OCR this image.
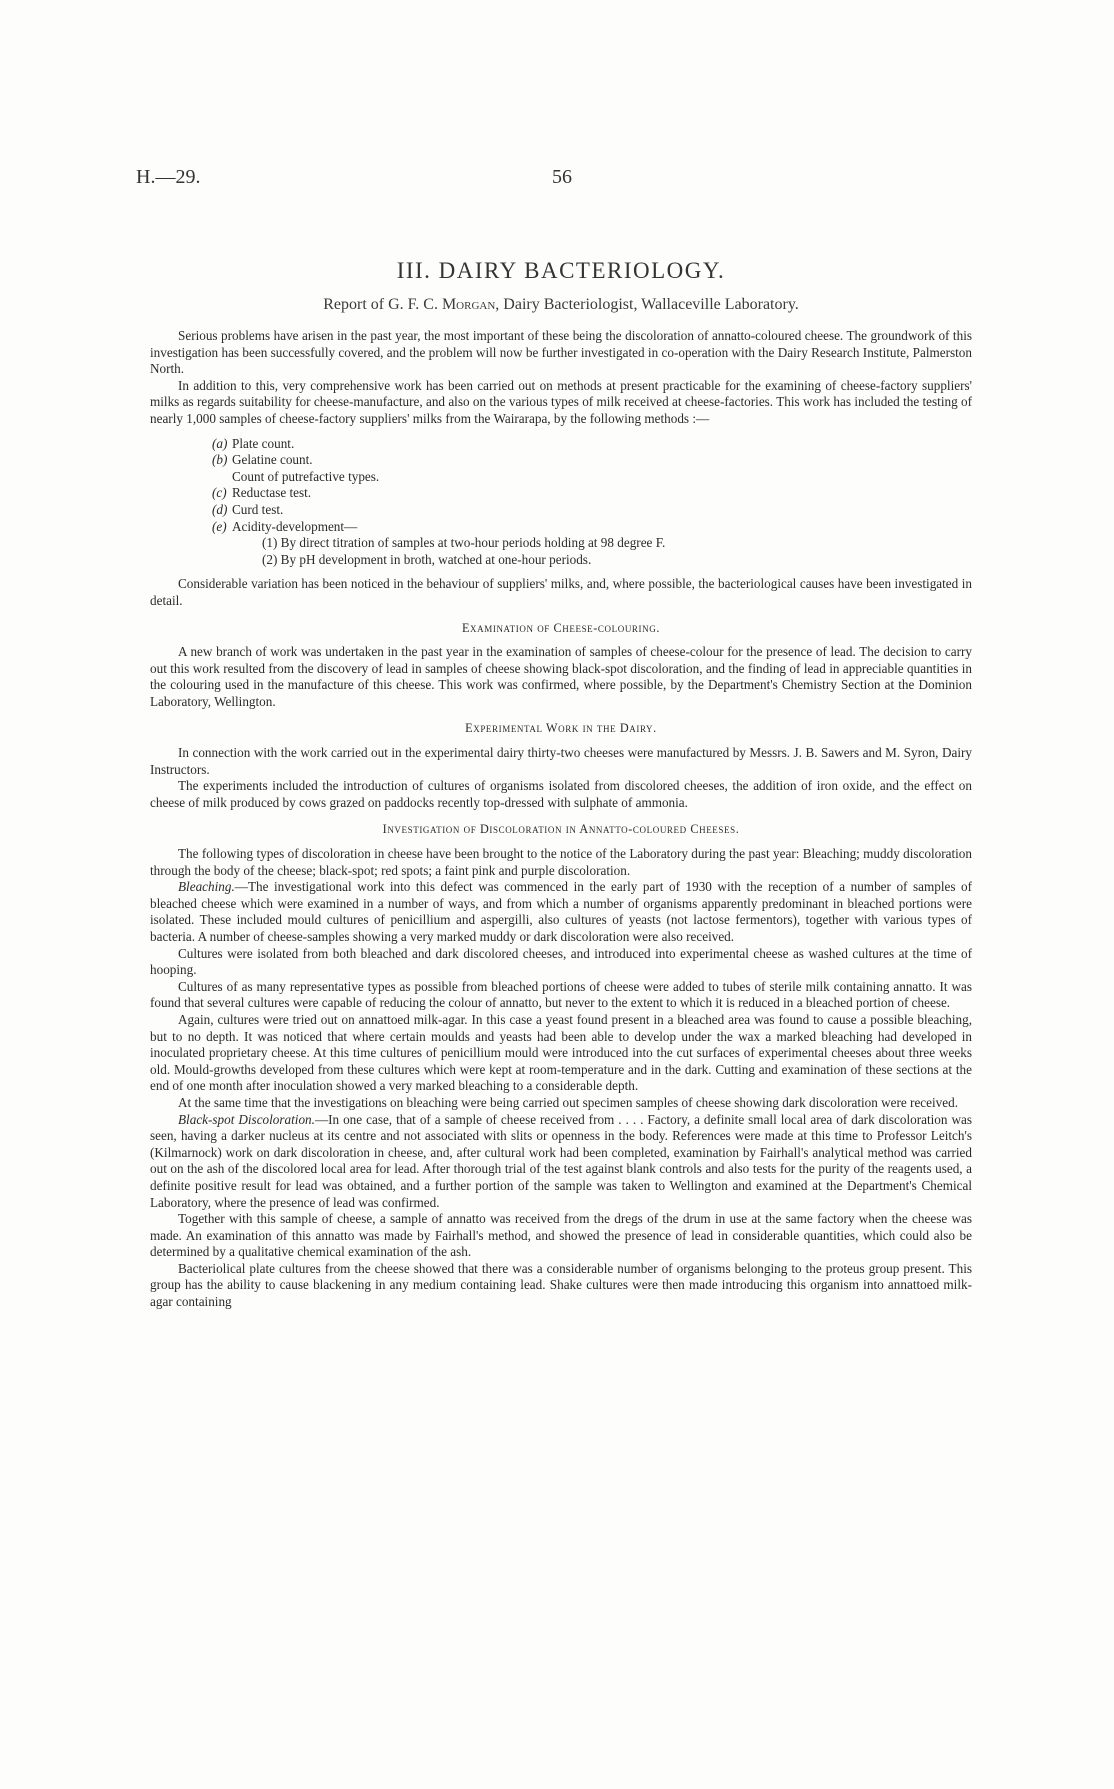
H.—29.	56
III. DAIRY BACTERIOLOGY.
Report of G. F. C. Morgan, Dairy Bacteriologist, Wallaceville Laboratory.

Serious problems have arisen in the past year, the most important of these being the discoloration of annatto-coloured cheese. The groundwork of this investigation has been successfully covered, and the problem will now be further investigated in co-operation with the Dairy Research Institute, Palmerston North.

In addition to this, very comprehensive work has been carried out on methods at present practicable for the examining of cheese-factory suppliers' milks as regards suitability for cheese-manufacture, and also on the various types of milk received at cheese-factories. This work has included the testing of nearly 1,000 samples of cheese-factory suppliers' milks from the Wairarapa, by the following methods :—

(a) Plate count.
(b) Gelatine count.
Count of putrefactive types.
(c) Reductase test.
(d) Curd test.
(e) Acidity-development—
(1) By direct titration of samples at two-hour periods holding at 98 degree F.
(2) By pH development in broth, watched at one-hour periods.

Considerable variation has been noticed in the behaviour of suppliers' milks, and, where possible, the bacteriological causes have been investigated in detail.

Examination of Cheese-colouring.

A new branch of work was undertaken in the past year in the examination of samples of cheese-colour for the presence of lead. The decision to carry out this work resulted from the discovery of lead in samples of cheese showing black-spot discoloration, and the finding of lead in appreciable quantities in the colouring used in the manufacture of this cheese. This work was confirmed, where possible, by the Department's Chemistry Section at the Dominion Laboratory, Wellington.

Experimental Work in the Dairy.

In connection with the work carried out in the experimental dairy thirty-two cheeses were manufactured by Messrs. J. B. Sawers and M. Syron, Dairy Instructors.

The experiments included the introduction of cultures of organisms isolated from discolored cheeses, the addition of iron oxide, and the effect on cheese of milk produced by cows grazed on paddocks recently top-dressed with sulphate of ammonia.

Investigation of Discoloration in Annatto-coloured Cheeses.

The following types of discoloration in cheese have been brought to the notice of the Laboratory during the past year: Bleaching; muddy discoloration through the body of the cheese; black-spot; red spots; a faint pink and purple discoloration.

Bleaching.—The investigational work into this defect was commenced in the early part of 1930 with the reception of a number of samples of bleached cheese which were examined in a number of ways, and from which a number of organisms apparently predominant in bleached portions were isolated. These included mould cultures of penicillium and aspergilli, also cultures of yeasts (not lactose fermentors), together with various types of bacteria. A number of cheese-samples showing a very marked muddy or dark discoloration were also received.

Cultures were isolated from both bleached and dark discolored cheeses, and introduced into experimental cheese as washed cultures at the time of hooping.

Cultures of as many representative types as possible from bleached portions of cheese were added to tubes of sterile milk containing annatto. It was found that several cultures were capable of reducing the colour of annatto, but never to the extent to which it is reduced in a bleached portion of cheese.

Again, cultures were tried out on annattoed milk-agar. In this case a yeast found present in a bleached area was found to cause a possible bleaching, but to no depth. It was noticed that where certain moulds and yeasts had been able to develop under the wax a marked bleaching had developed in inoculated proprietary cheese. At this time cultures of penicillium mould were introduced into the cut surfaces of experimental cheeses about three weeks old. Mould-growths developed from these cultures which were kept at room-temperature and in the dark. Cutting and examination of these sections at the end of one month after inoculation showed a very marked bleaching to a considerable depth.

At the same time that the investigations on bleaching were being carried out specimen samples of cheese showing dark discoloration were received.

Black-spot Discoloration.—In one case, that of a sample of cheese received from . . . . Factory, a definite small local area of dark discoloration was seen, having a darker nucleus at its centre and not associated with slits or openness in the body. References were made at this time to Professor Leitch's (Kilmarnock) work on dark discoloration in cheese, and, after cultural work had been completed, examination by Fairhall's analytical method was carried out on the ash of the discolored local area for lead. After thorough trial of the test against blank controls and also tests for the purity of the reagents used, a definite positive result for lead was obtained, and a further portion of the sample was taken to Wellington and examined at the Department's Chemical Laboratory, where the presence of lead was confirmed.

Together with this sample of cheese, a sample of annatto was received from the dregs of the drum in use at the same factory when the cheese was made. An examination of this annatto was made by Fairhall's method, and showed the presence of lead in considerable quantities, which could also be determined by a qualitative chemical examination of the ash.

Bacteriolical plate cultures from the cheese showed that there was a considerable number of organisms belonging to the proteus group present. This group has the ability to cause blackening in any medium containing lead. Shake cultures were then made introducing this organism into annattoed milk-agar containing
